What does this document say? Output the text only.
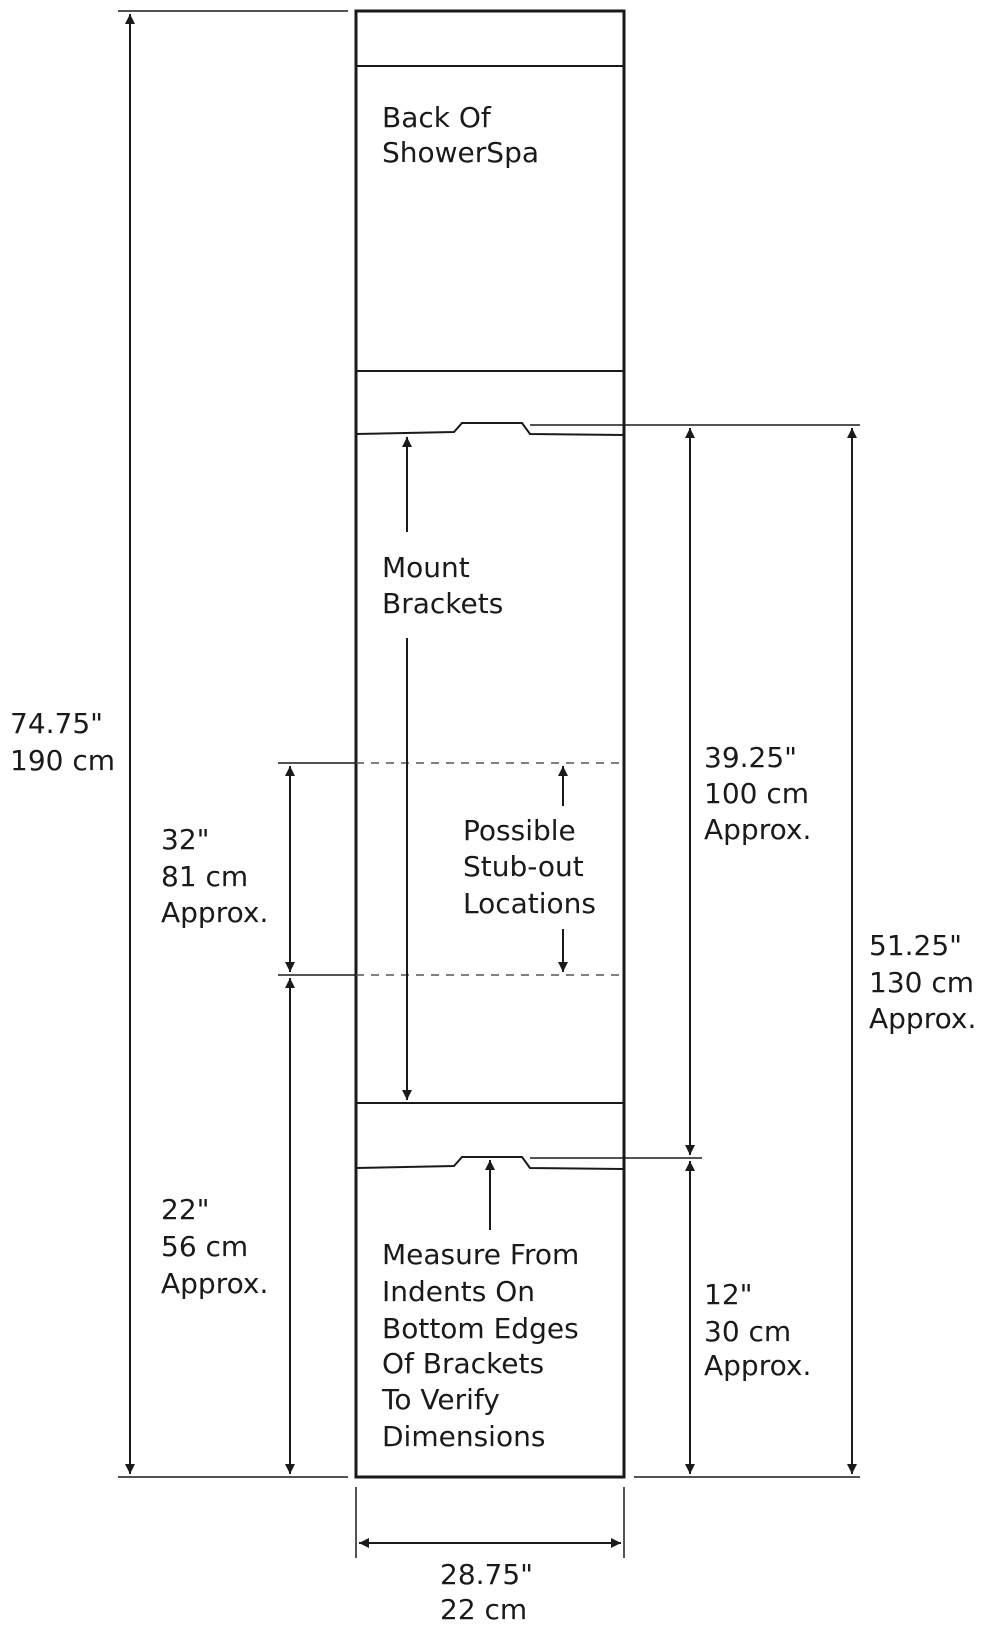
Back Of
ShowerSpa
Mount
Brackets
Possible
Stub-out
Locations
Measure From
Indents On
Bottom Edges
Of Brackets
To Verify
Dimensions
74.75"
190 cm
32"
81 cm
Approx.
22"
56 cm
Approx.
39.25"
100 cm
Approx.
51.25"
130 cm
Approx.
12"
30 cm
Approx.
28.75"
22 cm
